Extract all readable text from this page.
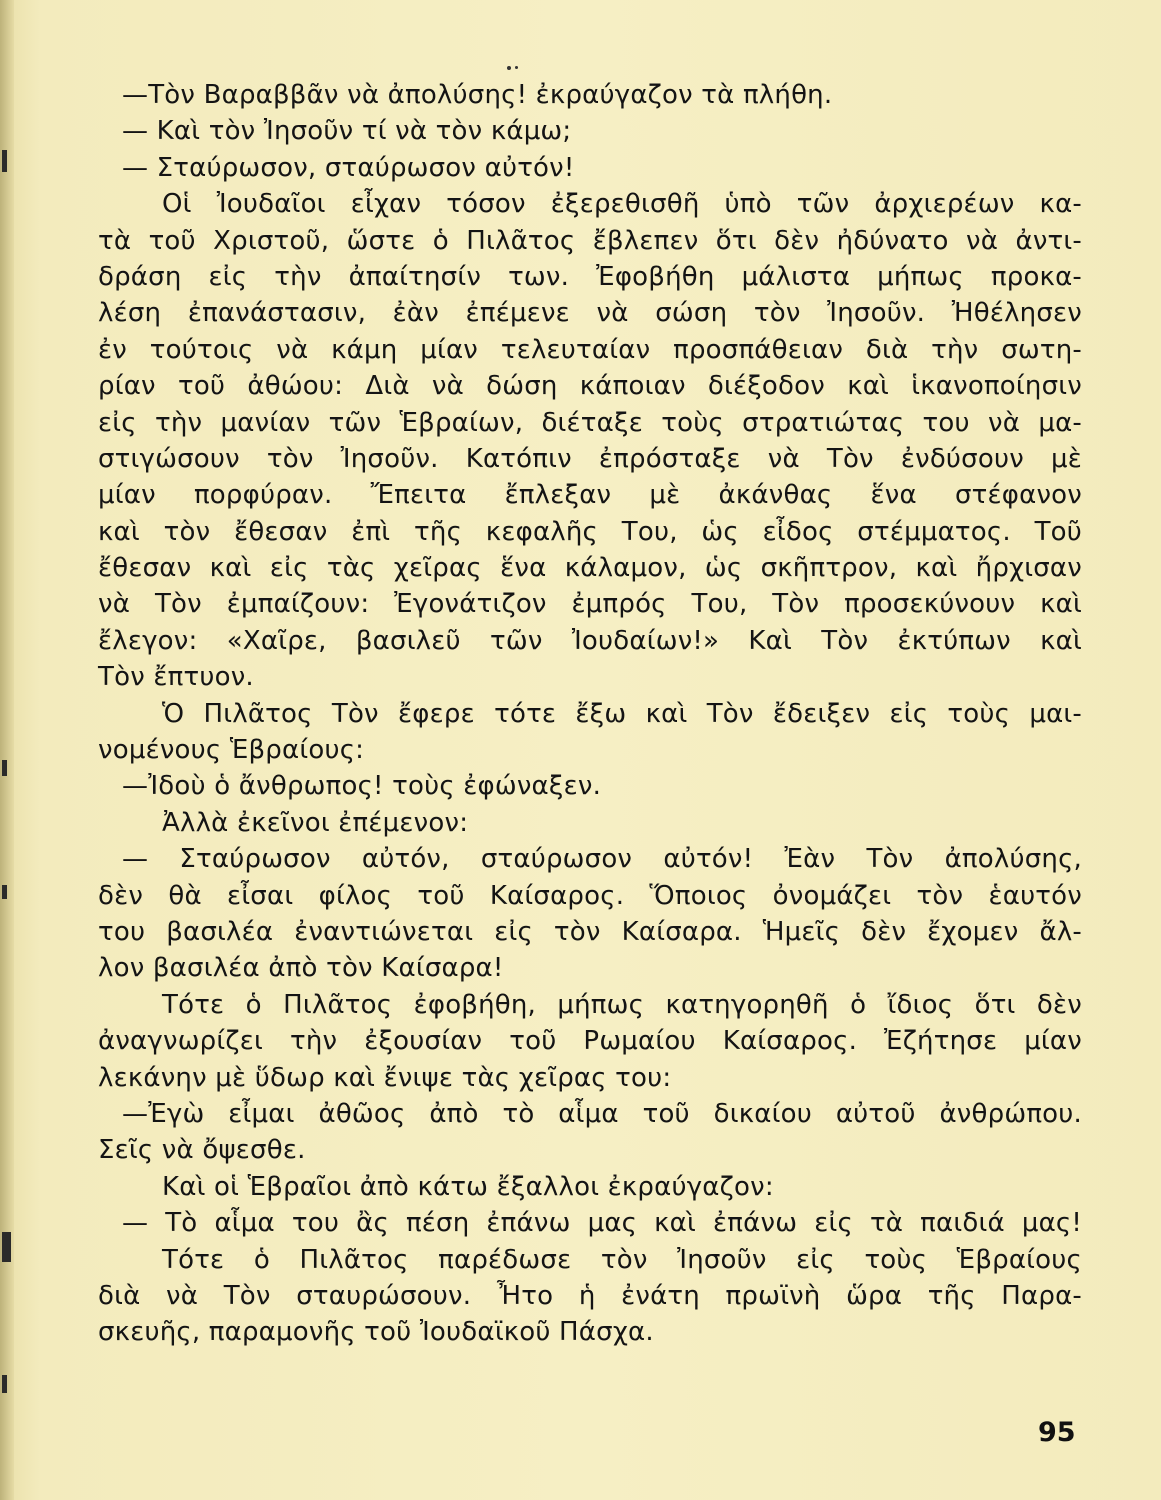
—Τὸν Βαραββᾶν νὰ ἀπολύσης! ἐκραύγαζον τὰ πλήθη.
— Καὶ τὸν Ἰησοῦν τί νὰ τὸν κάμω;
— Σταύρωσον, σταύρωσον αὐτόν!
Οἱ Ἰουδαῖοι εἶχαν τόσον ἐξερεθισθῆ ὑπὸ τῶν ἀρχιερέων κα-
τὰ τοῦ Χριστοῦ, ὥστε ὁ Πιλᾶτος ἔβλεπεν ὅτι δὲν ἠδύνατο νὰ ἀντι-
δράση εἰς τὴν ἀπαίτησίν των. Ἐφοβήθη μάλιστα μήπως προκα-
λέση ἐπανάστασιν, ἐὰν ἐπέμενε νὰ σώση τὸν Ἰησοῦν. Ἠθέλησεν
ἐν τούτοις νὰ κάμη μίαν τελευταίαν προσπάθειαν διὰ τὴν σωτη-
ρίαν τοῦ ἀθώου: Διὰ νὰ δώση κάποιαν διέξοδον καὶ ἱκανοποίησιν
εἰς τὴν μανίαν τῶν Ἑβραίων, διέταξε τοὺς στρατιώτας του νὰ μα-
στιγώσουν τὸν Ἰησοῦν. Κατόπιν ἐπρόσταξε νὰ Τὸν ἐνδύσουν μὲ
μίαν πορφύραν. Ἔπειτα ἔπλεξαν μὲ ἀκάνθας ἕνα στέφανον
καὶ τὸν ἔθεσαν ἐπὶ τῆς κεφαλῆς Του, ὡς εἶδος στέμματος. Τοῦ
ἔθεσαν καὶ εἰς τὰς χεῖρας ἕνα κάλαμον, ὡς σκῆπτρον, καὶ ἤρχισαν
νὰ Τὸν ἐμπαίζουν: Ἐγονάτιζον ἐμπρός Του, Τὸν προσεκύνουν καὶ
ἔλεγον: «Χαῖρε, βασιλεῦ τῶν Ἰουδαίων!» Καὶ Τὸν ἐκτύπων καὶ
Τὸν ἔπτυον.
Ὁ Πιλᾶτος Τὸν ἔφερε τότε ἔξω καὶ Τὸν ἔδειξεν εἰς τοὺς μαι-
νομένους Ἑβραίους:
—Ἰδοὺ ὁ ἄνθρωπος! τοὺς ἐφώναξεν.
Ἀλλὰ ἐκεῖνοι ἐπέμενον:
— Σταύρωσον αὐτόν, σταύρωσον αὐτόν! Ἐὰν Τὸν ἀπολύσης,
δὲν θὰ εἶσαι φίλος τοῦ Καίσαρος. Ὅποιος ὀνομάζει τὸν ἑαυτόν
του βασιλέα ἐναντιώνεται εἰς τὸν Καίσαρα. Ἡμεῖς δὲν ἔχομεν ἄλ-
λον βασιλέα ἀπὸ τὸν Καίσαρα!
Τότε ὁ Πιλᾶτος ἐφοβήθη, μήπως κατηγορηθῆ ὁ ἴδιος ὅτι δὲν
ἀναγνωρίζει τὴν ἐξουσίαν τοῦ Ρωμαίου Καίσαρος. Ἐζήτησε μίαν
λεκάνην μὲ ὕδωρ καὶ ἔνιψε τὰς χεῖρας του:
—Ἐγὼ εἶμαι ἀθῶος ἀπὸ τὸ αἷμα τοῦ δικαίου αὐτοῦ ἀνθρώπου.
Σεῖς νὰ ὄψεσθε.
Καὶ οἱ Ἑβραῖοι ἀπὸ κάτω ἔξαλλοι ἐκραύγαζον:
— Τὸ αἷμα του ἂς πέση ἐπάνω μας καὶ ἐπάνω εἰς τὰ παιδιά μας!
Τότε ὁ Πιλᾶτος παρέδωσε τὸν Ἰησοῦν εἰς τοὺς Ἑβραίους
διὰ νὰ Τὸν σταυρώσουν. Ἦτο ἡ ἐνάτη πρωϊνὴ ὥρα τῆς Παρα-
σκευῆς, παραμονῆς τοῦ Ἰουδαϊκοῦ Πάσχα.
95
